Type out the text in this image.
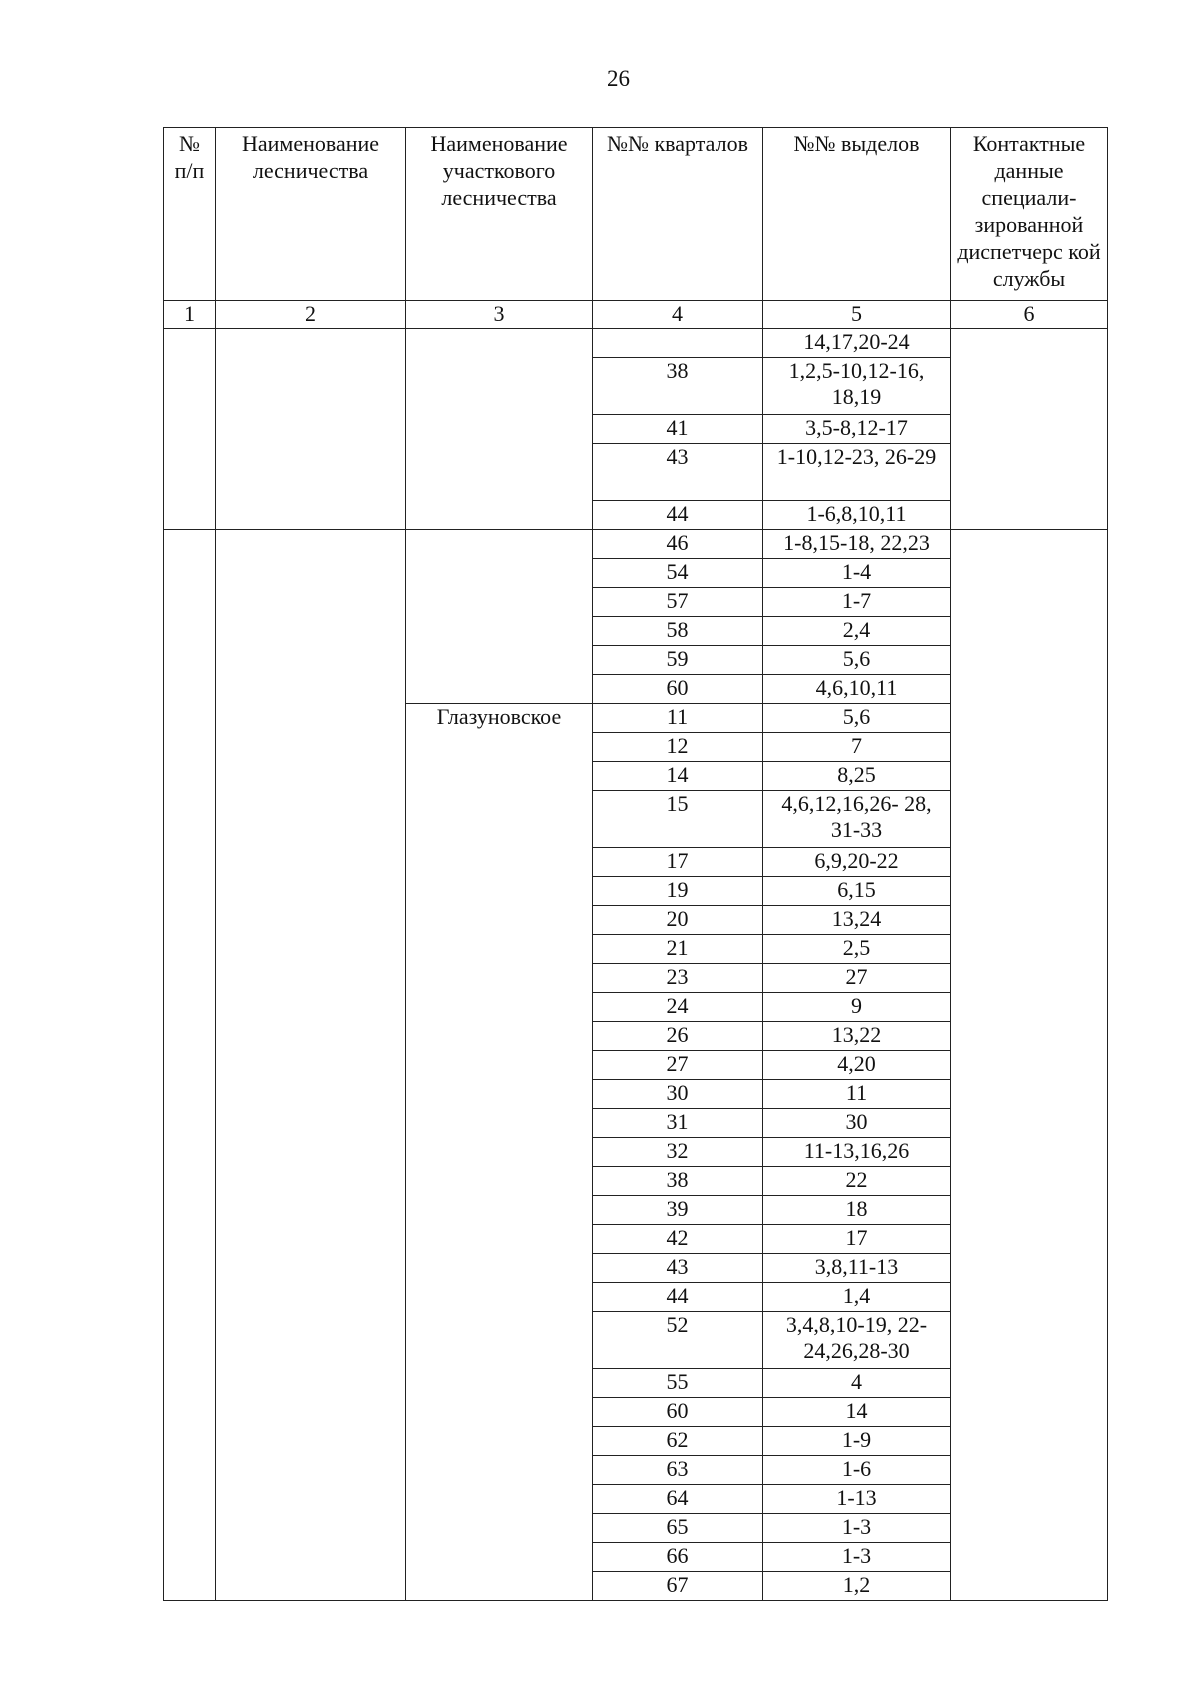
26
№ п/п	Наименование лесничества	Наименование участкового лесничества	№№ кварталов	№№ выделов	Контактные данные специали-зированной диспетчерс кой службы
1	2	3	4	5	6
				14,17,20-24	
			38	1,2,5-10,12-16, 18,19	
			41	3,5-8,12-17	
			43	1-10,12-23, 26-29	
			44	1-6,8,10,11	
			46	1-8,15-18, 22,23	
			54	1-4	
			57	1-7	
			58	2,4	
			59	5,6	
			60	4,6,10,11	
		Глазуновское	11	5,6	
			12	7	
			14	8,25	
			15	4,6,12,16,26- 28, 31-33	
			17	6,9,20-22	
			19	6,15	
			20	13,24	
			21	2,5	
			23	27	
			24	9	
			26	13,22	
			27	4,20	
			30	11	
			31	30	
			32	11-13,16,26	
			38	22	
			39	18	
			42	17	
			43	3,8,11-13	
			44	1,4	
			52	3,4,8,10-19, 22-24,26,28-30	
			55	4	
			60	14	
			62	1-9	
			63	1-6	
			64	1-13	
			65	1-3	
			66	1-3	
			67	1,2	
